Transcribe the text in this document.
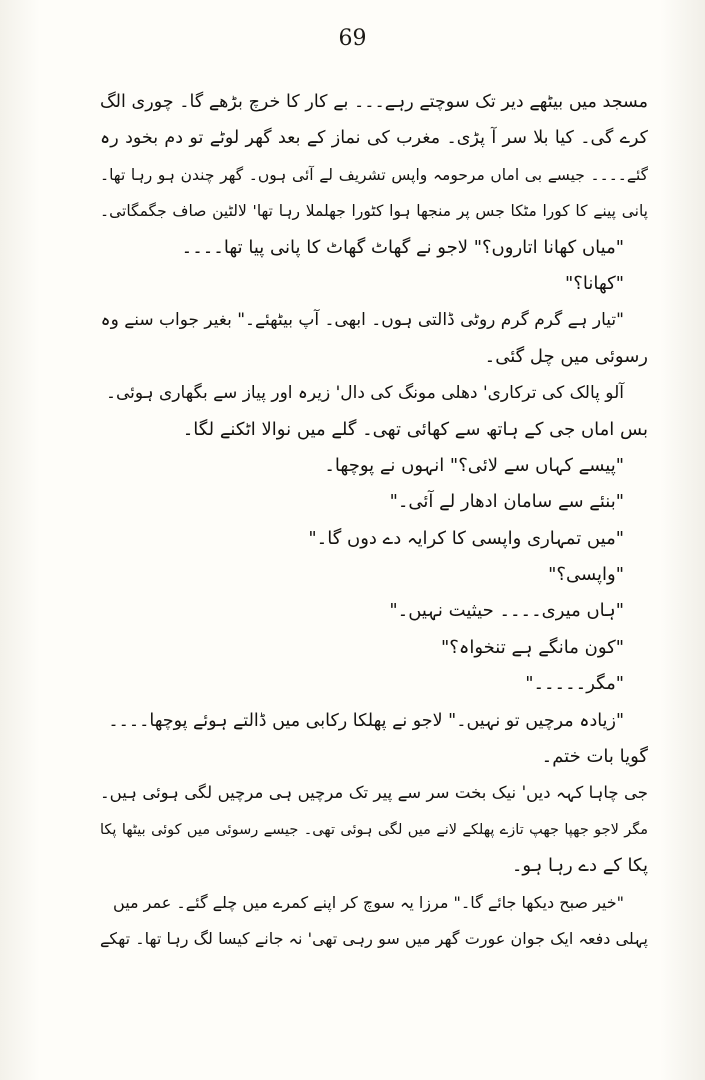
69
مسجد میں بیٹھے دیر تک سوچتے رہے۔۔۔ بے کار کا خرچ بڑھے گا۔ چوری الگ
کرے گی۔ کیا بلا سر آ پڑی۔ مغرب کی نماز کے بعد گھر لوٹے تو دم بخود رہ
گئے۔۔۔۔ جیسے بی اماں مرحومہ واپس تشریف لے آئی ہوں۔ گھر چندن ہو رہا تھا۔
پانی پینے کا کورا مٹکا جس پر منجھا ہوا کٹورا جھلملا رہا تھا' لالٹین صاف جگمگاتی۔
"میاں کھانا اتاروں؟" لاجو نے گھاٹ گھاٹ کا پانی پیا تھا۔۔۔۔
"کھانا؟"
"تیار ہے گرم گرم روٹی ڈالتی ہوں۔ ابھی۔ آپ بیٹھئے۔" بغیر جواب سنے وہ
رسوئی میں چل گئی۔
آلو پالک کی ترکاری' دھلی مونگ کی دال' زیرہ اور پیاز سے بگھاری ہوئی۔
بس اماں جی کے ہاتھ سے کھائی تھی۔ گلے میں نوالا اٹکنے لگا۔
"پیسے کہاں سے لائی؟" انہوں نے پوچھا۔
"بنئے سے سامان ادھار لے آئی۔"
"میں تمہاری واپسی کا کرایہ دے دوں گا۔"
"واپسی؟"
"ہاں میری۔۔۔۔ حیثیت نہیں۔"
"کون مانگے ہے تنخواہ؟"
"مگر۔۔۔۔۔"
"زیادہ مرچیں تو نہیں۔" لاجو نے پھلکا رکابی میں ڈالتے ہوئے پوچھا۔۔۔۔
گویا بات ختم۔
جی چاہا کہہ دیں' نیک بخت سر سے پیر تک مرچیں ہی مرچیں لگی ہوئی ہیں۔
مگر لاجو جھپا جھپ تازے پھلکے لانے میں لگی ہوئی تھی۔ جیسے رسوئی میں کوئی بیٹھا پکا
پکا کے دے رہا ہو۔
"خیر صبح دیکھا جائے گا۔" مرزا یہ سوچ کر اپنے کمرے میں چلے گئے۔ عمر میں
پہلی دفعہ ایک جوان عورت گھر میں سو رہی تھی' نہ جانے کیسا لگ رہا تھا۔ تھکے
